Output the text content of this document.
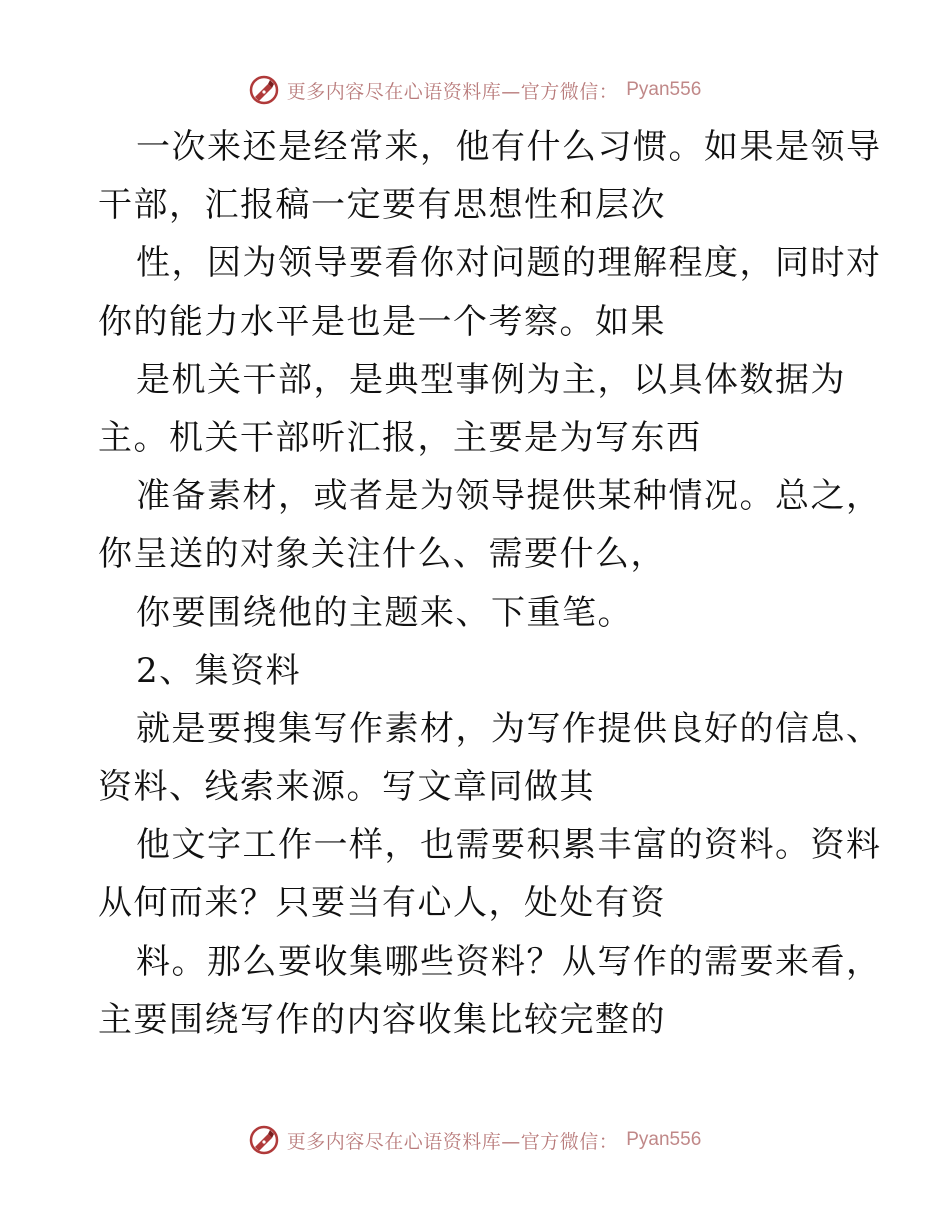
更多内容尽在心语资料库—官方微信： Pyan556
一次来还是经常来，他有什么习惯。如果是领导
干部，汇报稿一定要有思想性和层次
性，因为领导要看你对问题的理解程度，同时对
你的能力水平是也是一个考察。如果
是机关干部，是典型事例为主，以具体数据为
主。机关干部听汇报，主要是为写东西
准备素材，或者是为领导提供某种情况。总之，
你呈送的对象关注什么、需要什么，
你要围绕他的主题来、下重笔。
2、集资料
就是要搜集写作素材，为写作提供良好的信息、
资料、线索来源。写文章同做其
他文字工作一样，也需要积累丰富的资料。资料
从何而来？只要当有心人，处处有资
料。那么要收集哪些资料？从写作的需要来看，
主要围绕写作的内容收集比较完整的
更多内容尽在心语资料库—官方微信： Pyan556
